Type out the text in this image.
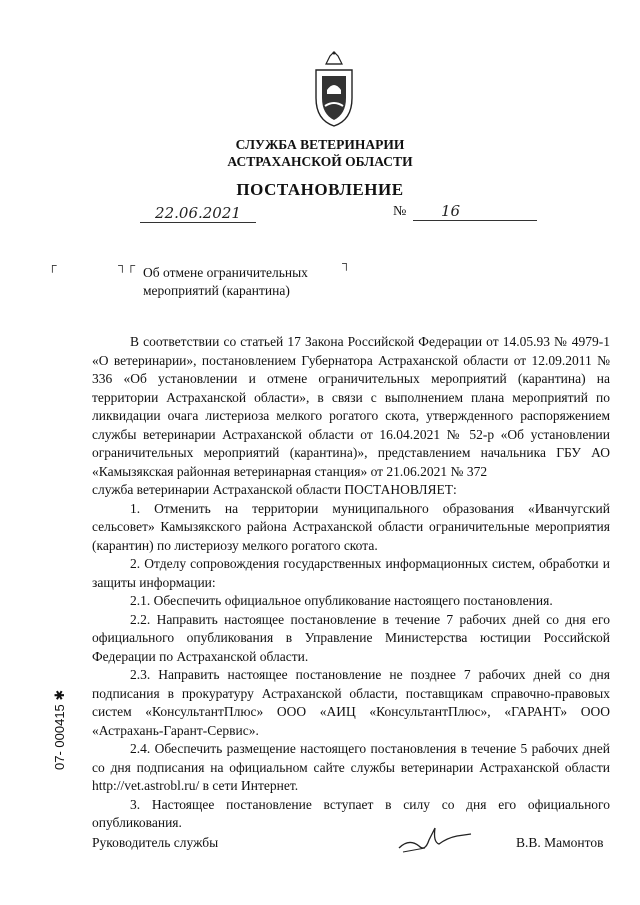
СЛУЖБА ВЕТЕРИНАРИИ
АСТРАХАНСКОЙ ОБЛАСТИ
ПОСТАНОВЛЕНИЕ
22.06.2021	№	16
┌	┐┌	┐
Об отмене ограничительных
мероприятий (карантина)

В соответствии со статьей 17 Закона Российской Федерации от 14.05.93 № 4979-1 «О ветеринарии», постановлением Губернатора Астраханской области от 12.09.2011 № 336 «Об установлении и отмене ограничительных мероприятий (карантина) на территории Астраханской области», в связи с выполнением плана мероприятий по ликвидации очага листериоза мелкого рогатого скота, утвержденного распоряжением службы ветеринарии Астраханской области от 16.04.2021 № 52-р «Об установлении ограничительных мероприятий (карантина)», представлением начальника ГБУ АО «Камызякская районная ветеринарная станция» от 21.06.2021 № 372

служба ветеринарии Астраханской области ПОСТАНОВЛЯЕТ:

1. Отменить на территории муниципального образования «Иванчугский сельсовет» Камызякского района Астраханской области ограничительные мероприятия (карантин) по листериозу мелкого рогатого скота.

2. Отделу сопровождения государственных информационных систем, обработки и защиты информации:

2.1. Обеспечить официальное опубликование настоящего постановления.

2.2. Направить настоящее постановление в течение 7 рабочих дней со дня его официального опубликования в Управление Министерства юстиции Российской Федерации по Астраханской области.

2.3. Направить настоящее постановление не позднее 7 рабочих дней со дня подписания в прокуратуру Астраханской области, поставщикам справочно-правовых систем «КонсультантПлюс» ООО «АИЦ «КонсультантПлюс», «ГАРАНТ» ООО «Астрахань-Гарант-Сервис».

2.4. Обеспечить размещение настоящего постановления в течение 5 рабочих дней со дня подписания на официальном сайте службы ветеринарии Астраханской области http://vet.astrobl.ru/ в сети Интернет.

3. Настоящее постановление вступает в силу со дня его официального опубликования.

07- 000415 ✱
Руководитель службы	В.В. Мамонтов
